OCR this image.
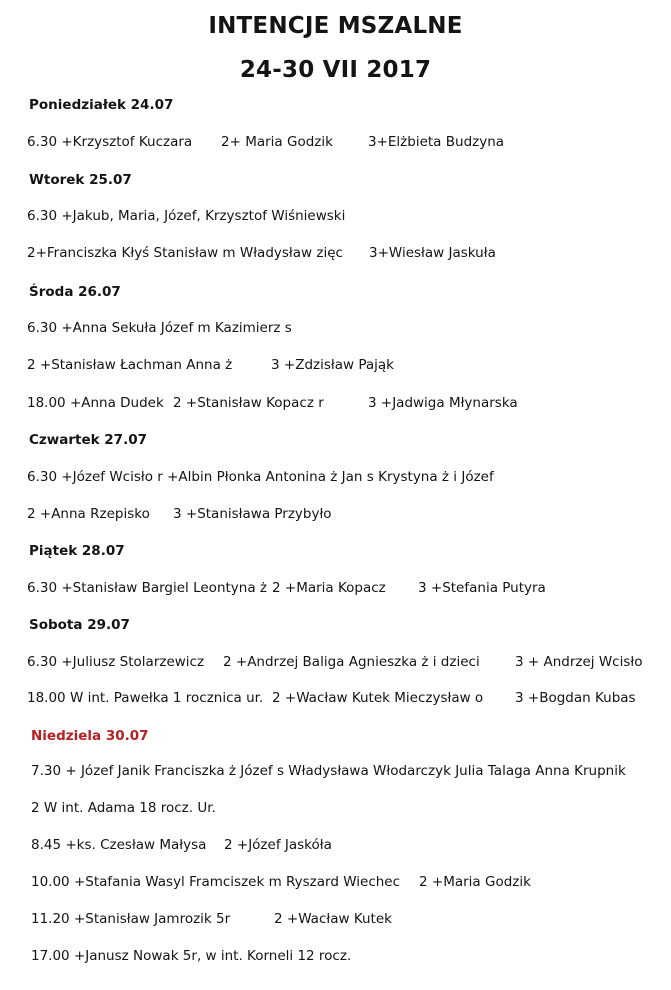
INTENCJE MSZALNE
24-30 VII 2017
Poniedziałek 24.07
6.30 +Krzysztof Kuczara 2+ Maria Godzik	3+Elżbieta Budzyna
Wtorek 25.07
6.30 +Jakub, Maria, Józef, Krzysztof Wiśniewski
2+Franciszka Kłyś Stanisław m Władysław zięc 3+Wiesław Jaskuła
Środa 26.07
6.30 +Anna Sekuła Józef m Kazimierz s
2 +Stanisław Łachman Anna ż	3 +Zdzisław Pająk
18.00 +Anna Dudek 2 +Stanisław Kopacz r	3 +Jadwiga Młynarska
Czwartek 27.07
6.30 +Józef Wcisło r +Albin Płonka Antonina ż Jan s Krystyna ż i Józef
2 +Anna Rzepisko 3 +Stanisława Przybyło
Piątek 28.07
6.30 +Stanisław Bargiel Leontyna ż 2 +Maria Kopacz 3 +Stefania Putyra
Sobota 29.07
6.30 +Juliusz Stolarzewicz 2 +Andrzej Baliga Agnieszka ż i dzieci	3 + Andrzej Wcisło
18.00 W int. Pawełka 1 rocznica ur. 2 +Wacław Kutek Mieczysław o 3 +Bogdan Kubas
Niedziela 30.07
7.30 + Józef Janik Franciszka ż Józef s Władysława Włodarczyk Julia Talaga Anna Krupnik
2 W int. Adama 18 rocz. Ur.
8.45 +ks. Czesław Małysa 2 +Józef Jaskóła
10.00 +Stafania Wasyl Framciszek m Ryszard Wiechec 2 +Maria Godzik
11.20 +Stanisław Jamrozik 5r	2 +Wacław Kutek
17.00 +Janusz Nowak 5r, w int. Korneli 12 rocz.
